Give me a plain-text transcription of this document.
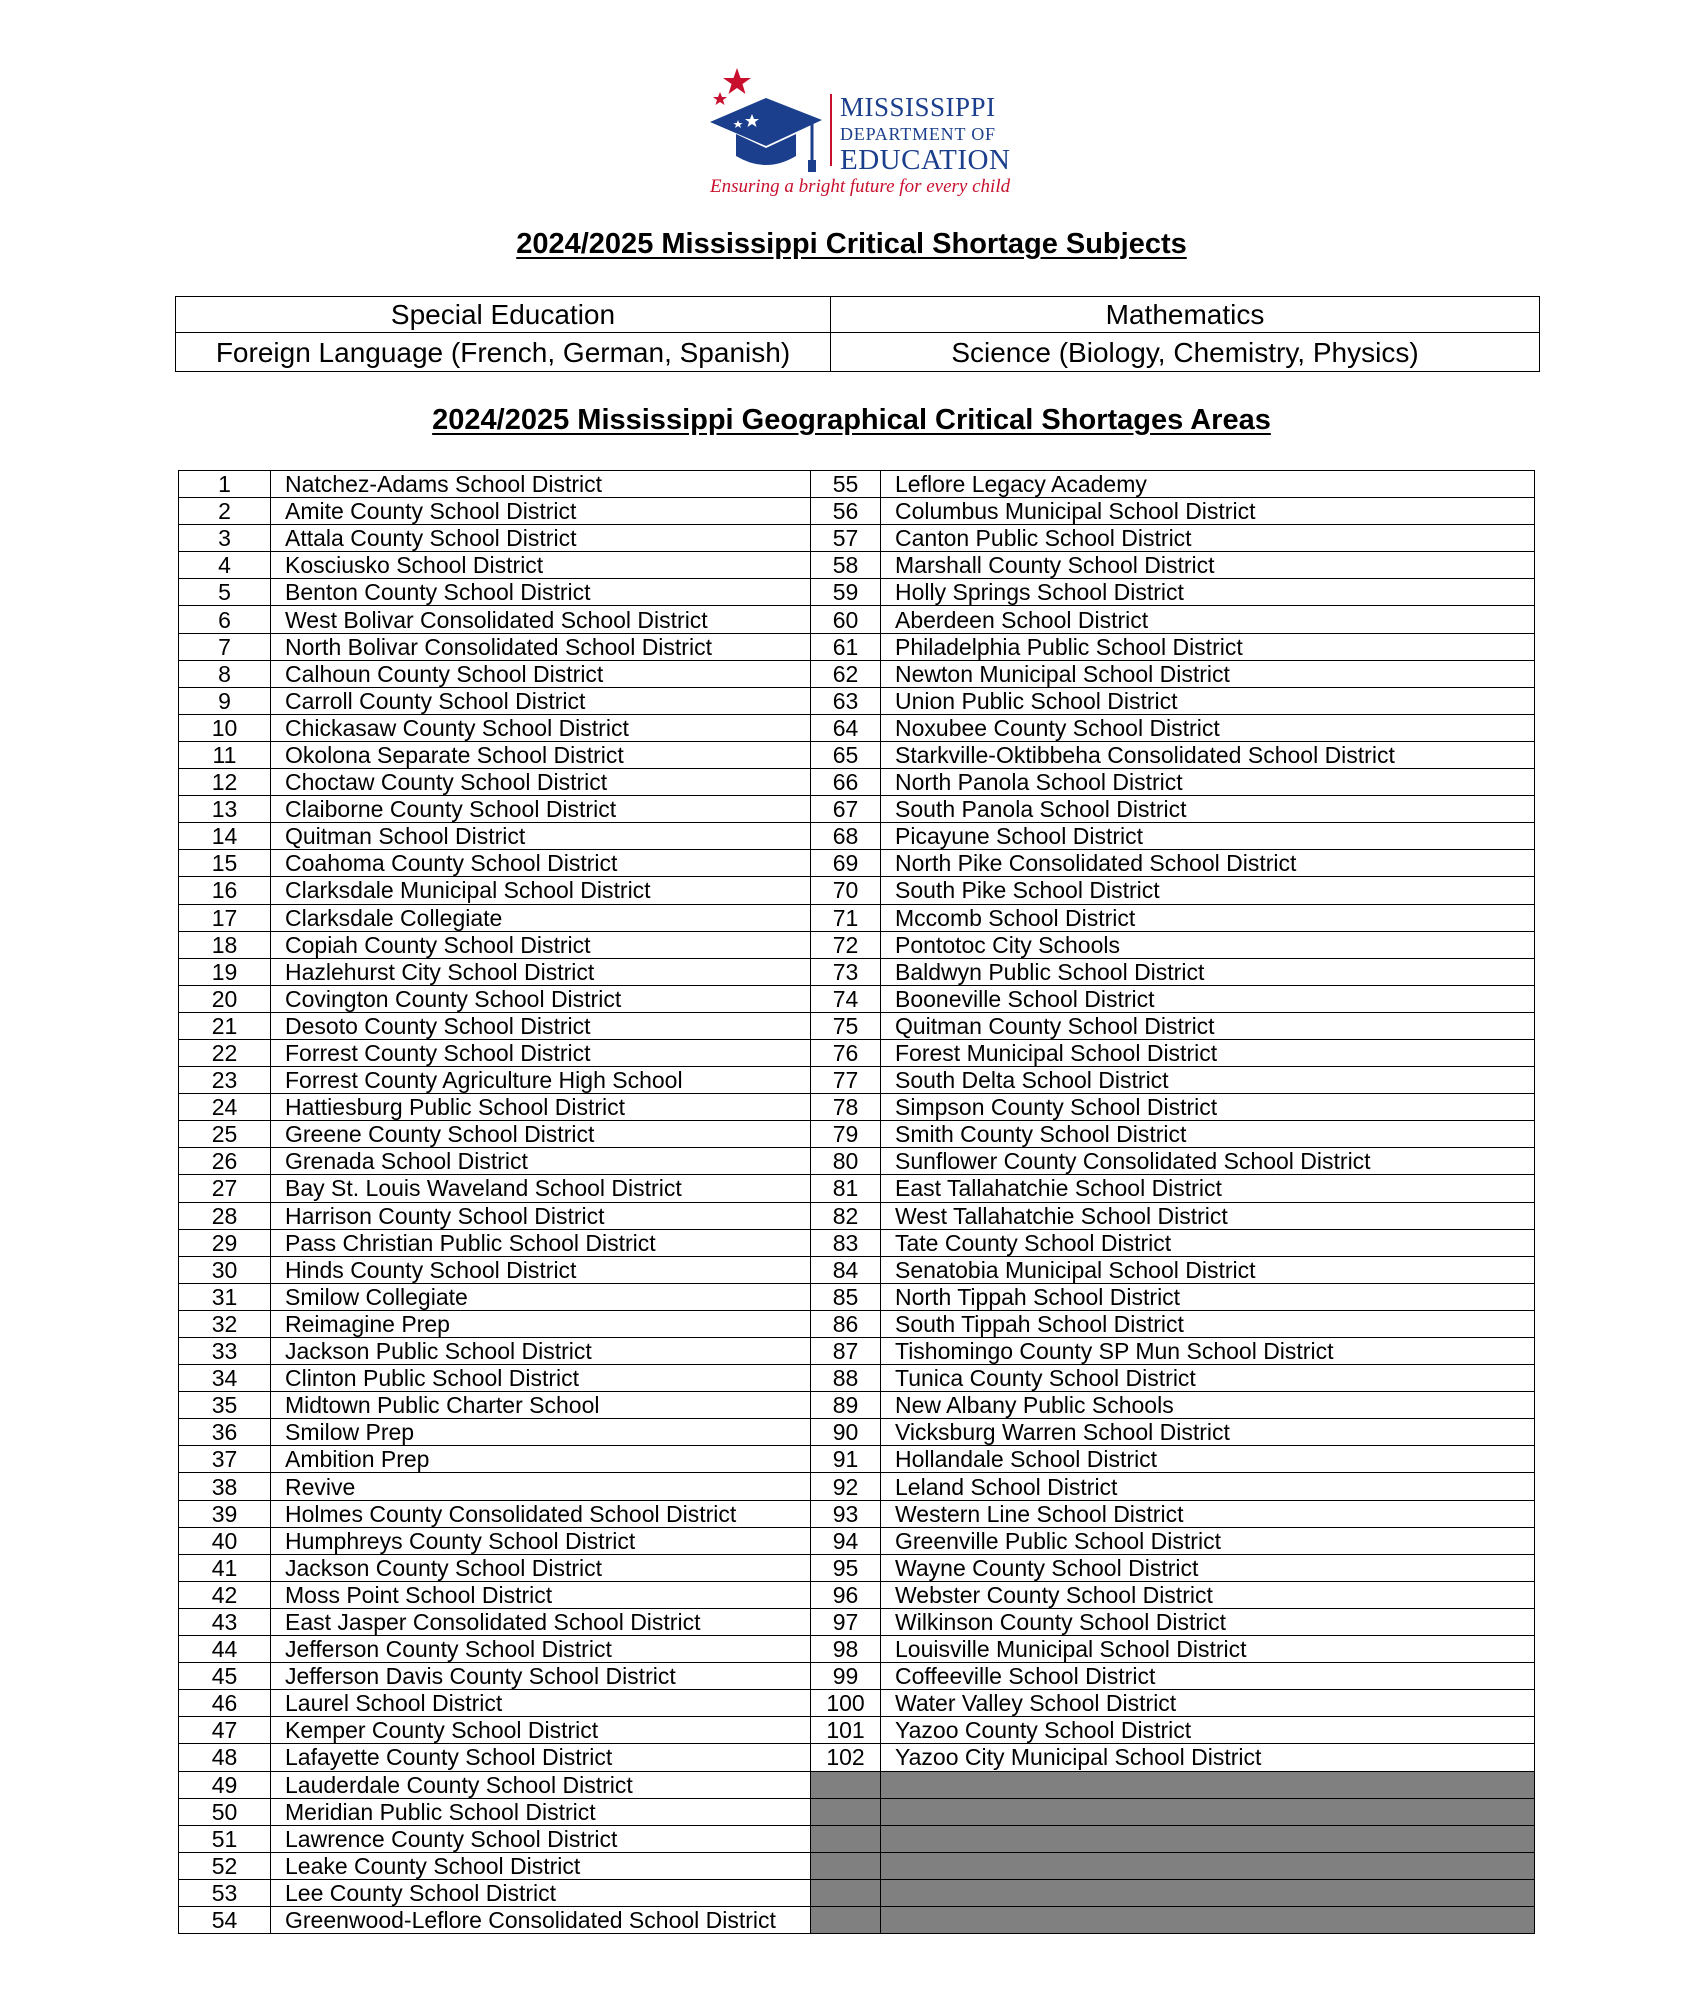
MISSISSIPPI
DEPARTMENT OF
EDUCATION
Ensuring a bright future for every child
2024/2025 Mississippi Critical Shortage Subjects
Special Education	Mathematics
Foreign Language (French, German, Spanish)	Science (Biology, Chemistry, Physics)
2024/2025 Mississippi Geographical Critical Shortages Areas
1	Natchez-Adams School District	55	Leflore Legacy Academy
2	Amite County School District	56	Columbus Municipal School District
3	Attala County School District	57	Canton Public School District
4	Kosciusko School District	58	Marshall County School District
5	Benton County School District	59	Holly Springs School District
6	West Bolivar Consolidated School District	60	Aberdeen School District
7	North Bolivar Consolidated School District	61	Philadelphia Public School District
8	Calhoun County School District	62	Newton Municipal School District
9	Carroll County School District	63	Union Public School District
10	Chickasaw County School District	64	Noxubee County School District
11	Okolona Separate School District	65	Starkville-Oktibbeha Consolidated School District
12	Choctaw County School District	66	North Panola School District
13	Claiborne County School District	67	South Panola School District
14	Quitman School District	68	Picayune School District
15	Coahoma County School District	69	North Pike Consolidated School District
16	Clarksdale Municipal School District	70	South Pike School District
17	Clarksdale Collegiate	71	Mccomb School District
18	Copiah County School District	72	Pontotoc City Schools
19	Hazlehurst City School District	73	Baldwyn Public School District
20	Covington County School District	74	Booneville School District
21	Desoto County School District	75	Quitman County School District
22	Forrest County School District	76	Forest Municipal School District
23	Forrest County Agriculture High School	77	South Delta School District
24	Hattiesburg Public School District	78	Simpson County School District
25	Greene County School District	79	Smith County School District
26	Grenada School District	80	Sunflower County Consolidated School District
27	Bay St. Louis Waveland School District	81	East Tallahatchie School District
28	Harrison County School District	82	West Tallahatchie School District
29	Pass Christian Public School District	83	Tate County School District
30	Hinds County School District	84	Senatobia Municipal School District
31	Smilow Collegiate	85	North Tippah School District
32	Reimagine Prep	86	South Tippah School District
33	Jackson Public School District	87	Tishomingo County SP Mun School District
34	Clinton Public School District	88	Tunica County School District
35	Midtown Public Charter School	89	New Albany Public Schools
36	Smilow Prep	90	Vicksburg Warren School District
37	Ambition Prep	91	Hollandale School District
38	Revive	92	Leland School District
39	Holmes County Consolidated School District	93	Western Line School District
40	Humphreys County School District	94	Greenville Public School District
41	Jackson County School District	95	Wayne County School District
42	Moss Point School District	96	Webster County School District
43	East Jasper Consolidated School District	97	Wilkinson County School District
44	Jefferson County School District	98	Louisville Municipal School District
45	Jefferson Davis County School District	99	Coffeeville School District
46	Laurel School District	100	Water Valley School District
47	Kemper County School District	101	Yazoo County School District
48	Lafayette County School District	102	Yazoo City Municipal School District
49	Lauderdale County School District		
50	Meridian Public School District		
51	Lawrence County School District		
52	Leake County School District		
53	Lee County School District		
54	Greenwood-Leflore Consolidated School District		
